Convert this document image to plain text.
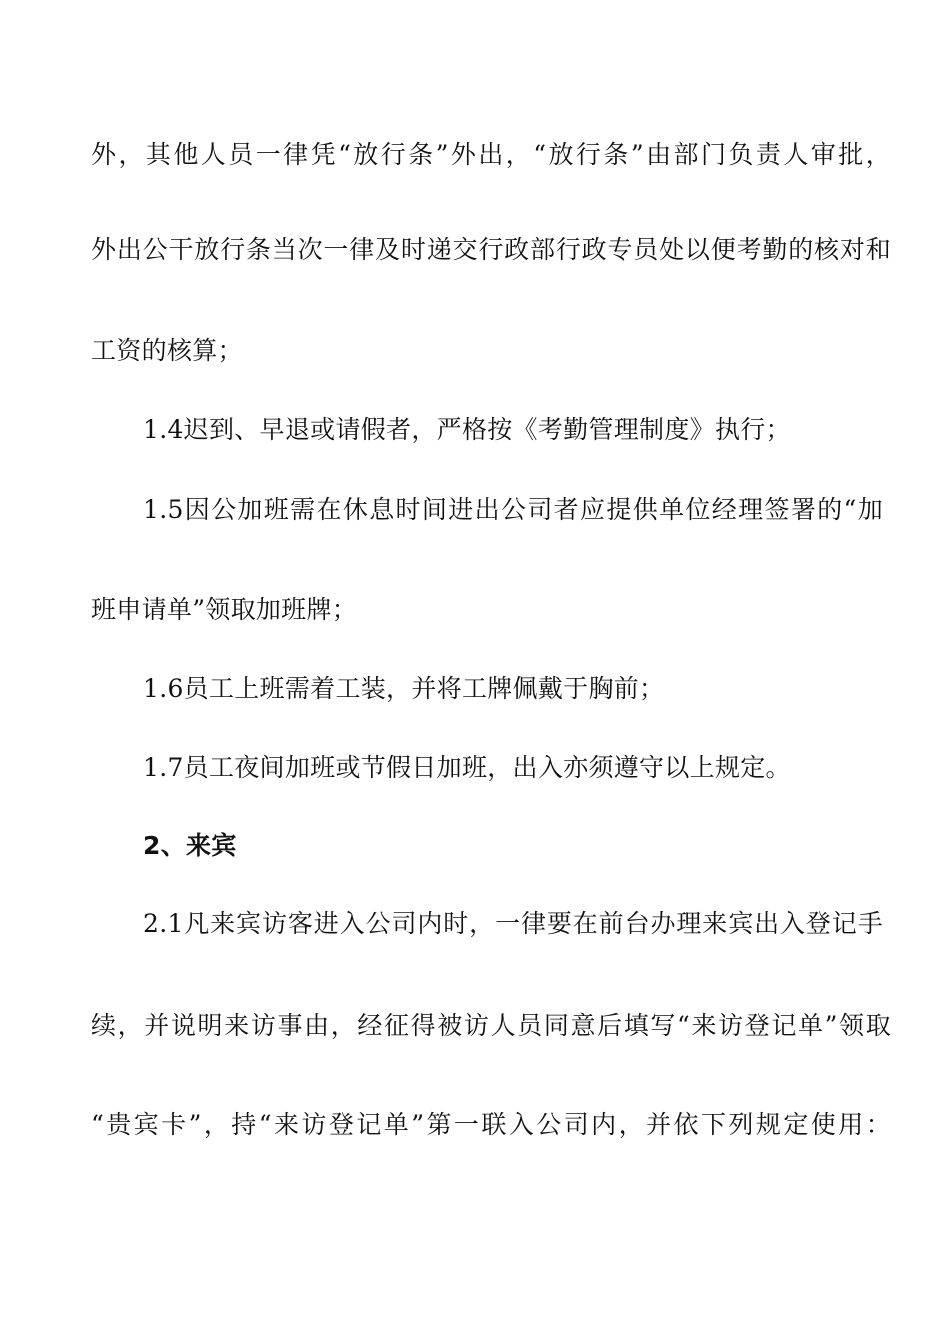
外，其他人员一律凭“放行条”外出，“放行条”由部门负责人审批，
外出公干放行条当次一律及时递交行政部行政专员处以便考勤的核对和
工资的核算；
1.4迟到、早退或请假者，严格按《考勤管理制度》执行；
1.5因公加班需在休息时间进出公司者应提供单位经理签署的“加
班申请单”领取加班牌；
1.6员工上班需着工装，并将工牌佩戴于胸前；
1.7员工夜间加班或节假日加班，出入亦须遵守以上规定。
2、来宾
2.1凡来宾访客进入公司内时，一律要在前台办理来宾出入登记手
续，并说明来访事由，经征得被访人员同意后填写“来访登记单”领取
“贵宾卡”，持“来访登记单”第一联入公司内，并依下列规定使用：
